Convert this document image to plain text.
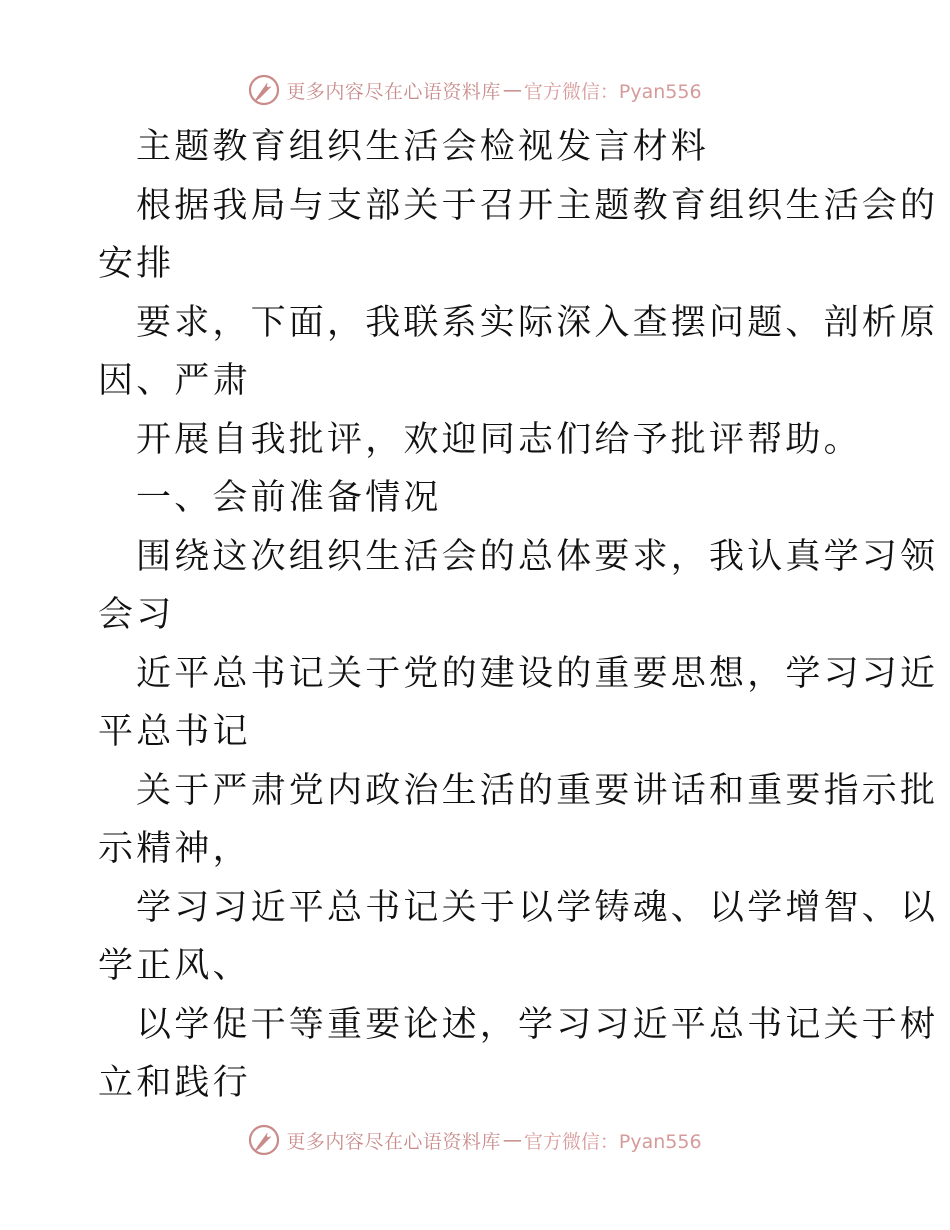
更多内容尽在心语资料库 — 官方微信：Pyan556
主题教育组织生活会检视发言材料
根据我局与支部关于召开主题教育组织生活会的
安排
要求，下面，我联系实际深入查摆问题、剖析原
因、严肃
开展自我批评，欢迎同志们给予批评帮助。
一、会前准备情况
围绕这次组织生活会的总体要求，我认真学习领
会习
近平总书记关于党的建设的重要思想，学习习近
平总书记
关于严肃党内政治生活的重要讲话和重要指示批
示精神，
学习习近平总书记关于以学铸魂、以学增智、以
学正风、
以学促干等重要论述，学习习近平总书记关于树
立和践行
更多内容尽在心语资料库 — 官方微信：Pyan556
